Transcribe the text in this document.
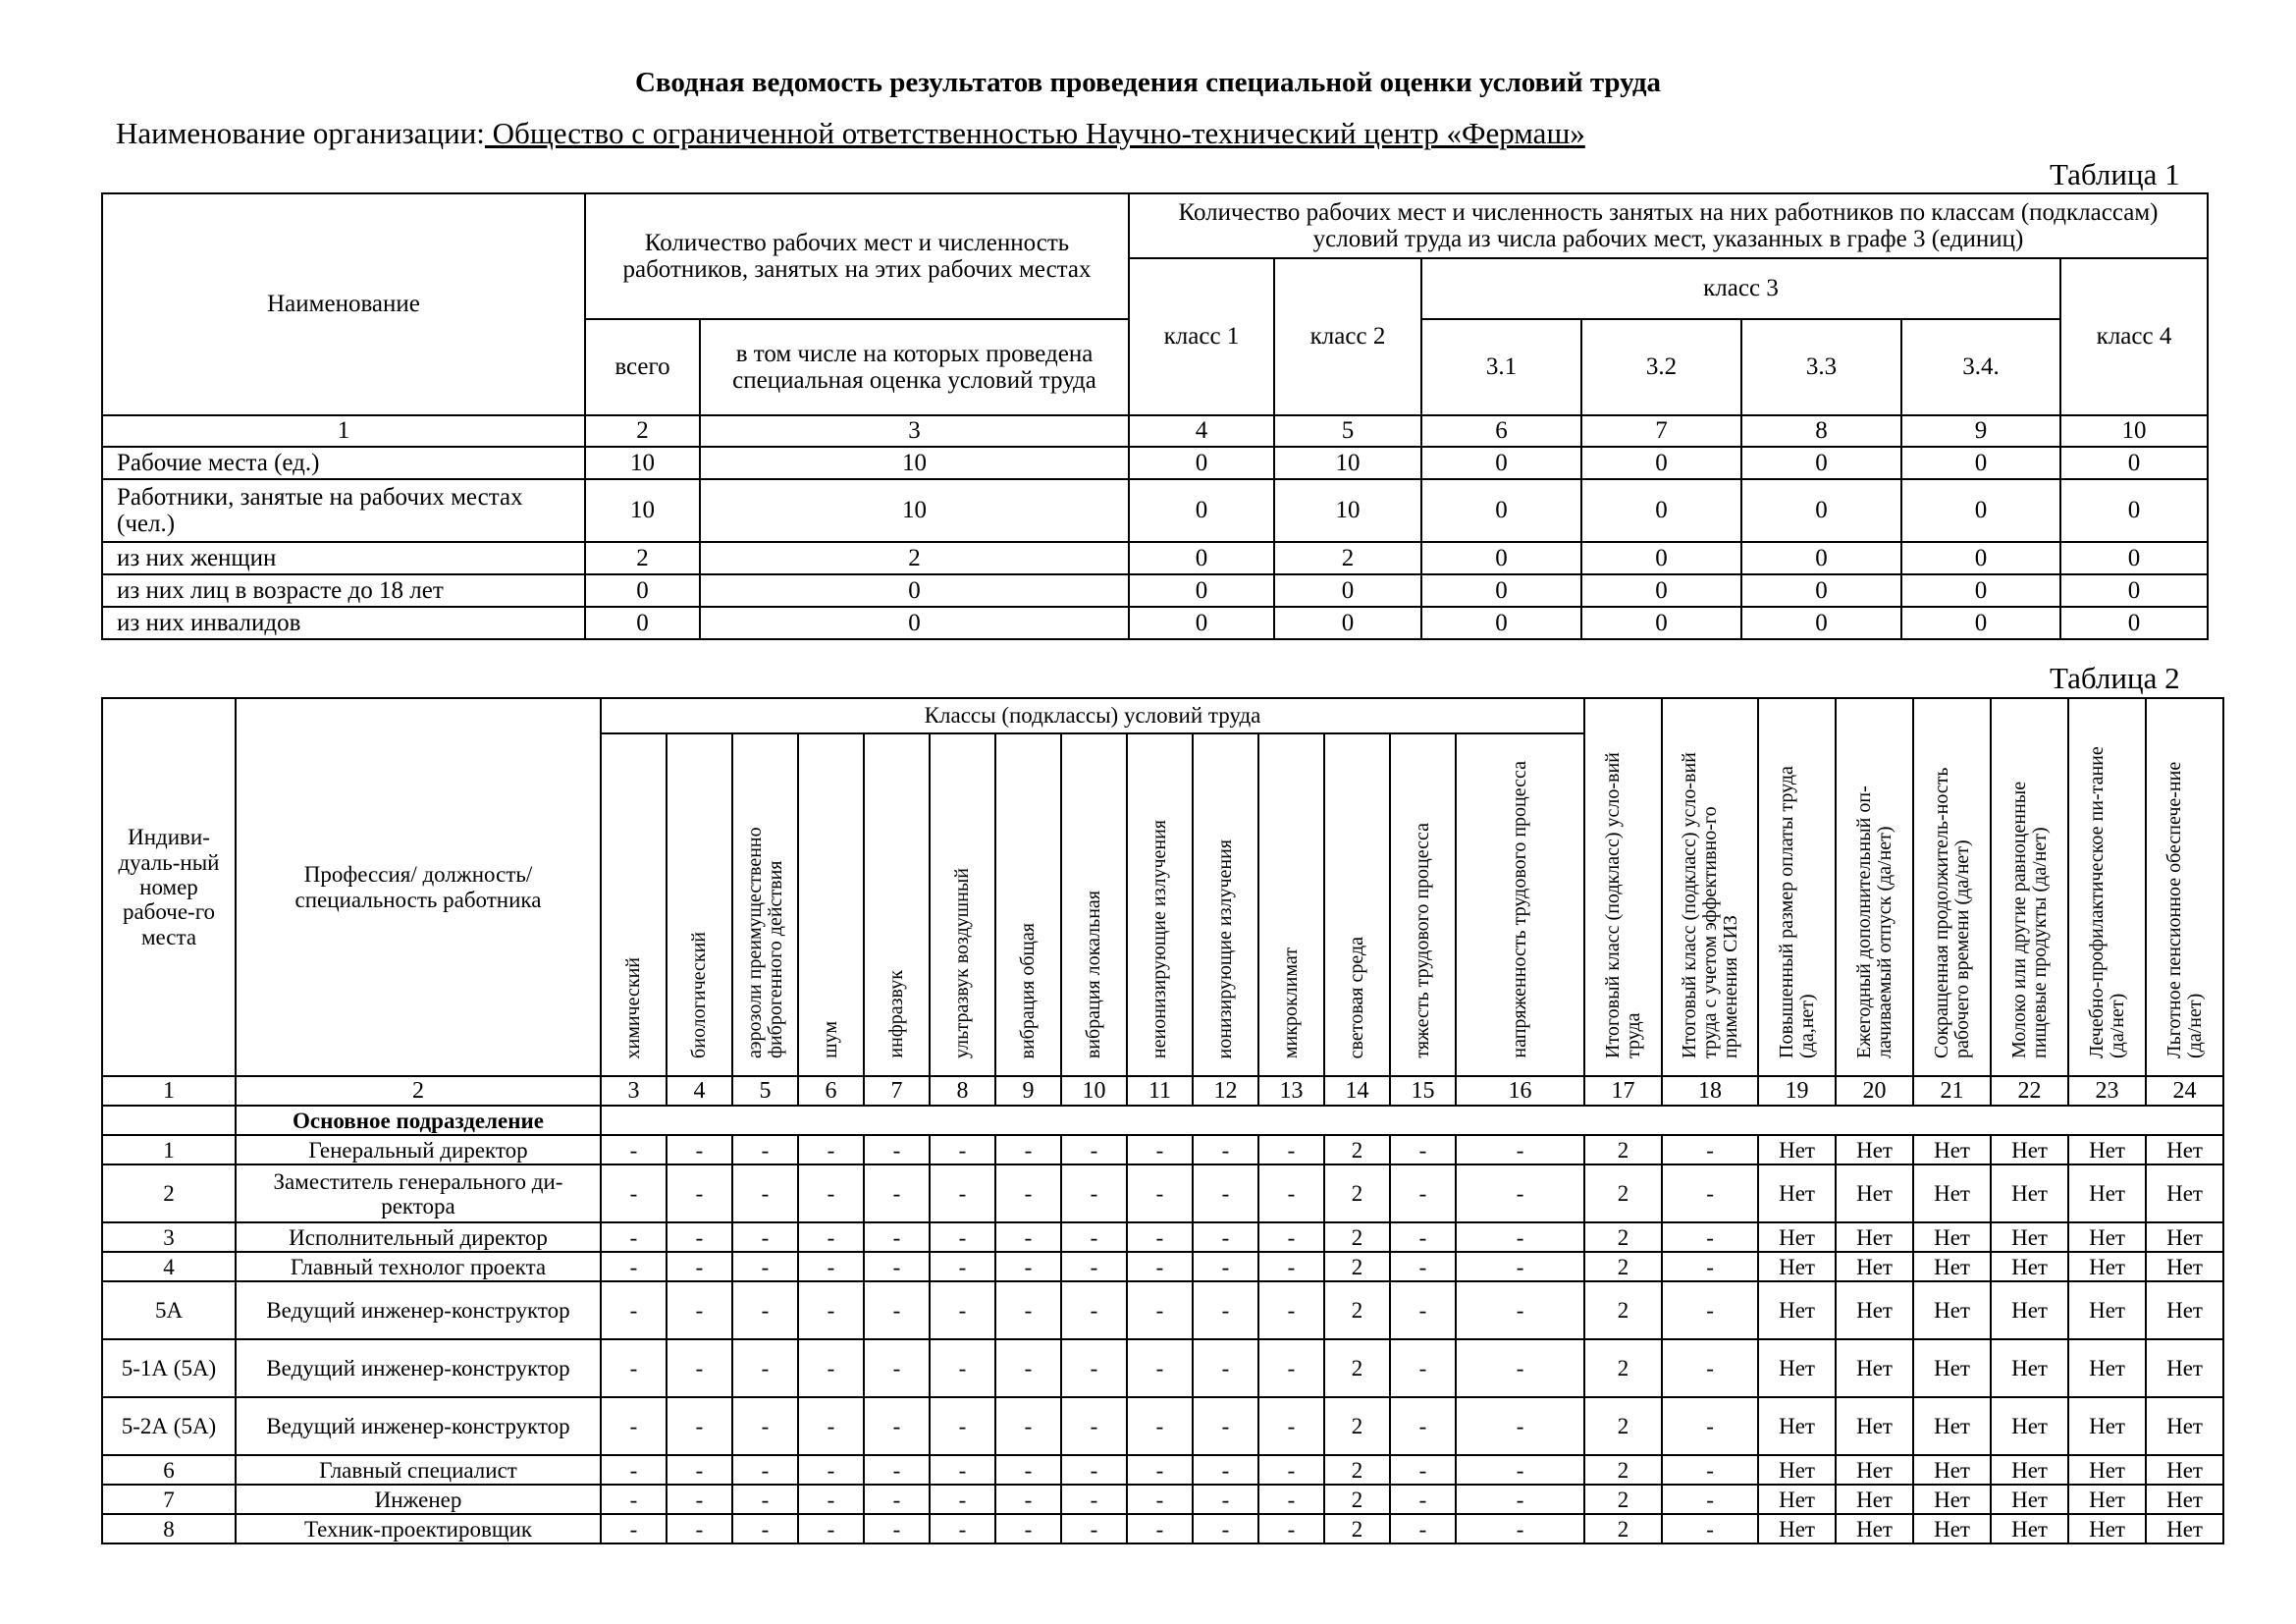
Сводная ведомость результатов проведения специальной оценки условий труда
Наименование организации: Общество с ограниченной ответственностью Научно-технический центр «Фермаш»
Таблица 1
Наименование	Количество рабочих мест и численность работников, занятых на этих рабочих местах		Количество рабочих мест и численность занятых на них работников по классам (подклассам) условий труда из числа рабочих мест, указанных в графе 3 (единиц)						
			класс 1	класс 2	класс 3				класс 4
	всего	в том числе на которых проведена специальная оценка условий труда			3.1	3.2	3.3	3.4.	
1	2	3	4	5	6	7	8	9	10
Рабочие места (ед.)	10	10	0	10	0	0	0	0	0
Работники, занятые на рабочих местах (чел.)	10	10	0	10	0	0	0	0	0
из них женщин	2	2	0	2	0	0	0	0	0
из них лиц в возрасте до 18 лет	0	0	0	0	0	0	0	0	0
из них инвалидов	0	0	0	0	0	0	0	0	0
Таблица 2
Индиви-дуаль-ный номер рабоче-го места	Профессия/ должность/ специальность работника	Классы (подклассы) условий труда														Итоговый класс (подкласс) усло-вий труда	Итоговый класс (подкласс) усло-вий труда с учетом эффективно-го применения СИЗ	Повышенный размер оплаты труда (да,нет)	Ежегодный дополнительный оп-лачиваемый отпуск (да/нет)	Сокращенная продолжитель-ность рабочего времени (да/нет)	Молоко или другие равноценные пищевые продукты (да/нет)	Лечебно-профилактическое пи-тание (да/нет)	Льготное пенсионное обеспече-ние (да/нет)
		химический	биологический	аэрозоли преимущественно фиброгенного действия	шум	инфразвук	ультразвук воздушный	вибрация общая	вибрация локальная	неионизирующие излучения	ионизирующие излучения	микроклимат	световая среда	тяжесть трудового процесса	напряженность трудового процесса								
1	2	3	4	5	6	7	8	9	10	11	12	13	14	15	16	17	18	19	20	21	22	23	24
	Основное подразделение																						
1	Генеральный директор	-	-	-	-	-	-	-	-	-	-	-	2	-	-	2	-	Нет	Нет	Нет	Нет	Нет	Нет
2	Заместитель генерального ди-ректора	-	-	-	-	-	-	-	-	-	-	-	2	-	-	2	-	Нет	Нет	Нет	Нет	Нет	Нет
3	Исполнительный директор	-	-	-	-	-	-	-	-	-	-	-	2	-	-	2	-	Нет	Нет	Нет	Нет	Нет	Нет
4	Главный технолог проекта	-	-	-	-	-	-	-	-	-	-	-	2	-	-	2	-	Нет	Нет	Нет	Нет	Нет	Нет
5А	Ведущий инженер-конструктор	-	-	-	-	-	-	-	-	-	-	-	2	-	-	2	-	Нет	Нет	Нет	Нет	Нет	Нет
5-1А (5А)	Ведущий инженер-конструктор	-	-	-	-	-	-	-	-	-	-	-	2	-	-	2	-	Нет	Нет	Нет	Нет	Нет	Нет
5-2А (5А)	Ведущий инженер-конструктор	-	-	-	-	-	-	-	-	-	-	-	2	-	-	2	-	Нет	Нет	Нет	Нет	Нет	Нет
6	Главный специалист	-	-	-	-	-	-	-	-	-	-	-	2	-	-	2	-	Нет	Нет	Нет	Нет	Нет	Нет
7	Инженер	-	-	-	-	-	-	-	-	-	-	-	2	-	-	2	-	Нет	Нет	Нет	Нет	Нет	Нет
8	Техник-проектировщик	-	-	-	-	-	-	-	-	-	-	-	2	-	-	2	-	Нет	Нет	Нет	Нет	Нет	Нет
